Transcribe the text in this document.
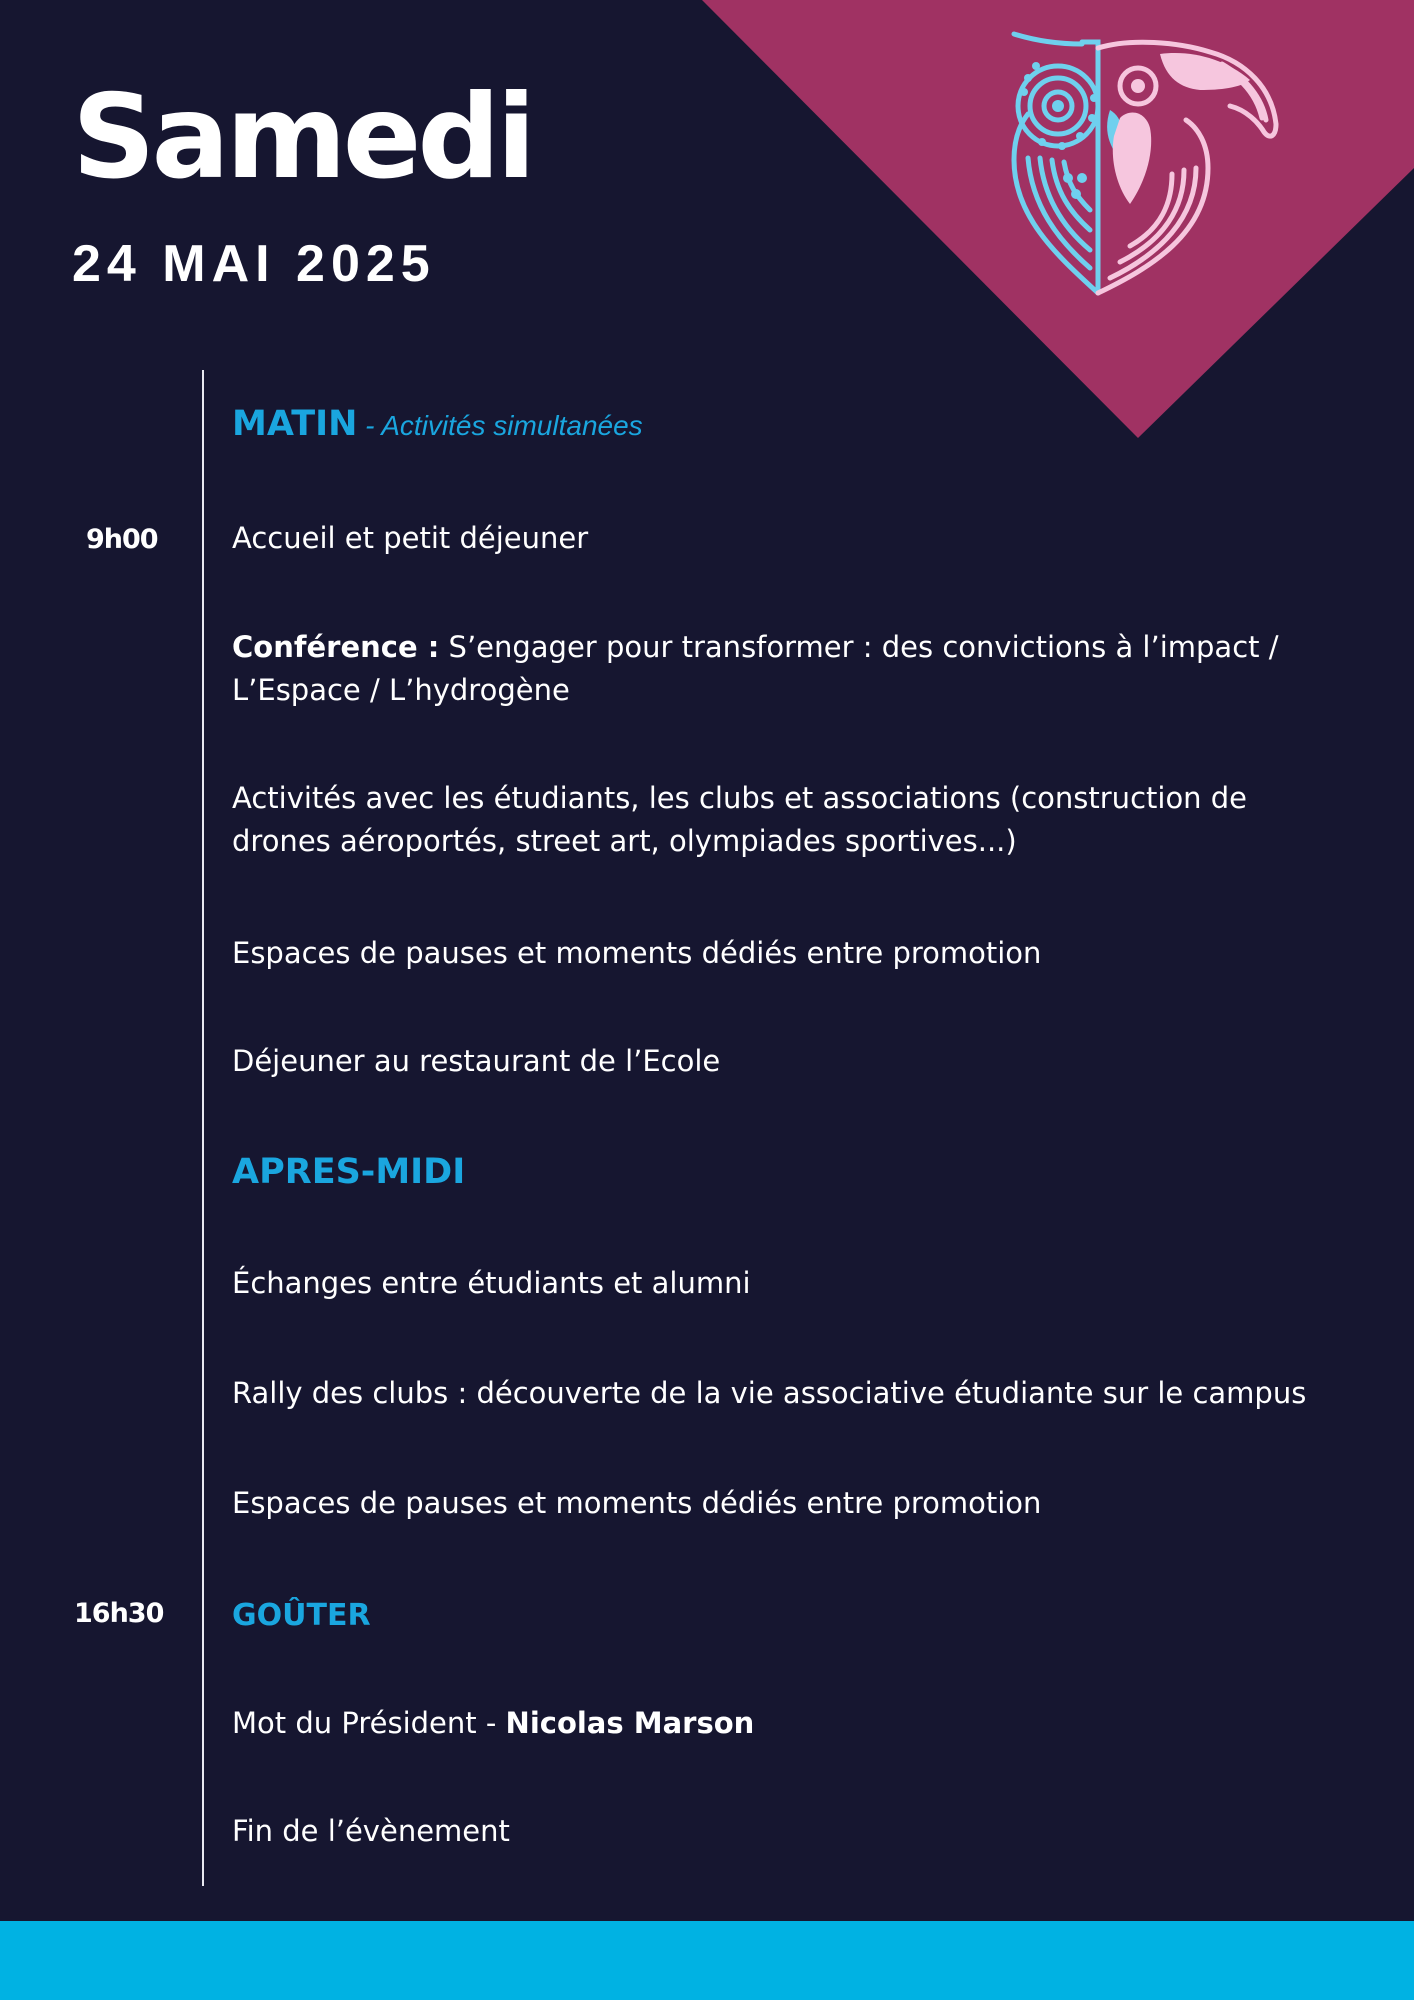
Samedi
24 MAI 2025
MATIN - Activités simultanées
9h00	Accueil et petit déjeuner
Conférence : S’engager pour transformer : des convictions à l’impact / L’Espace / L’hydrogène
Activités avec les étudiants, les clubs et associations (construction de drones aéroportés, street art, olympiades sportives...)
Espaces de pauses et moments dédiés entre promotion
Déjeuner au restaurant de l’Ecole
APRES-MIDI
Échanges entre étudiants et alumni
Rally des clubs : découverte de la vie associative étudiante sur le campus
Espaces de pauses et moments dédiés entre promotion
16h30 GOÛTER
Mot du Président - Nicolas Marson
Fin de l’évènement
